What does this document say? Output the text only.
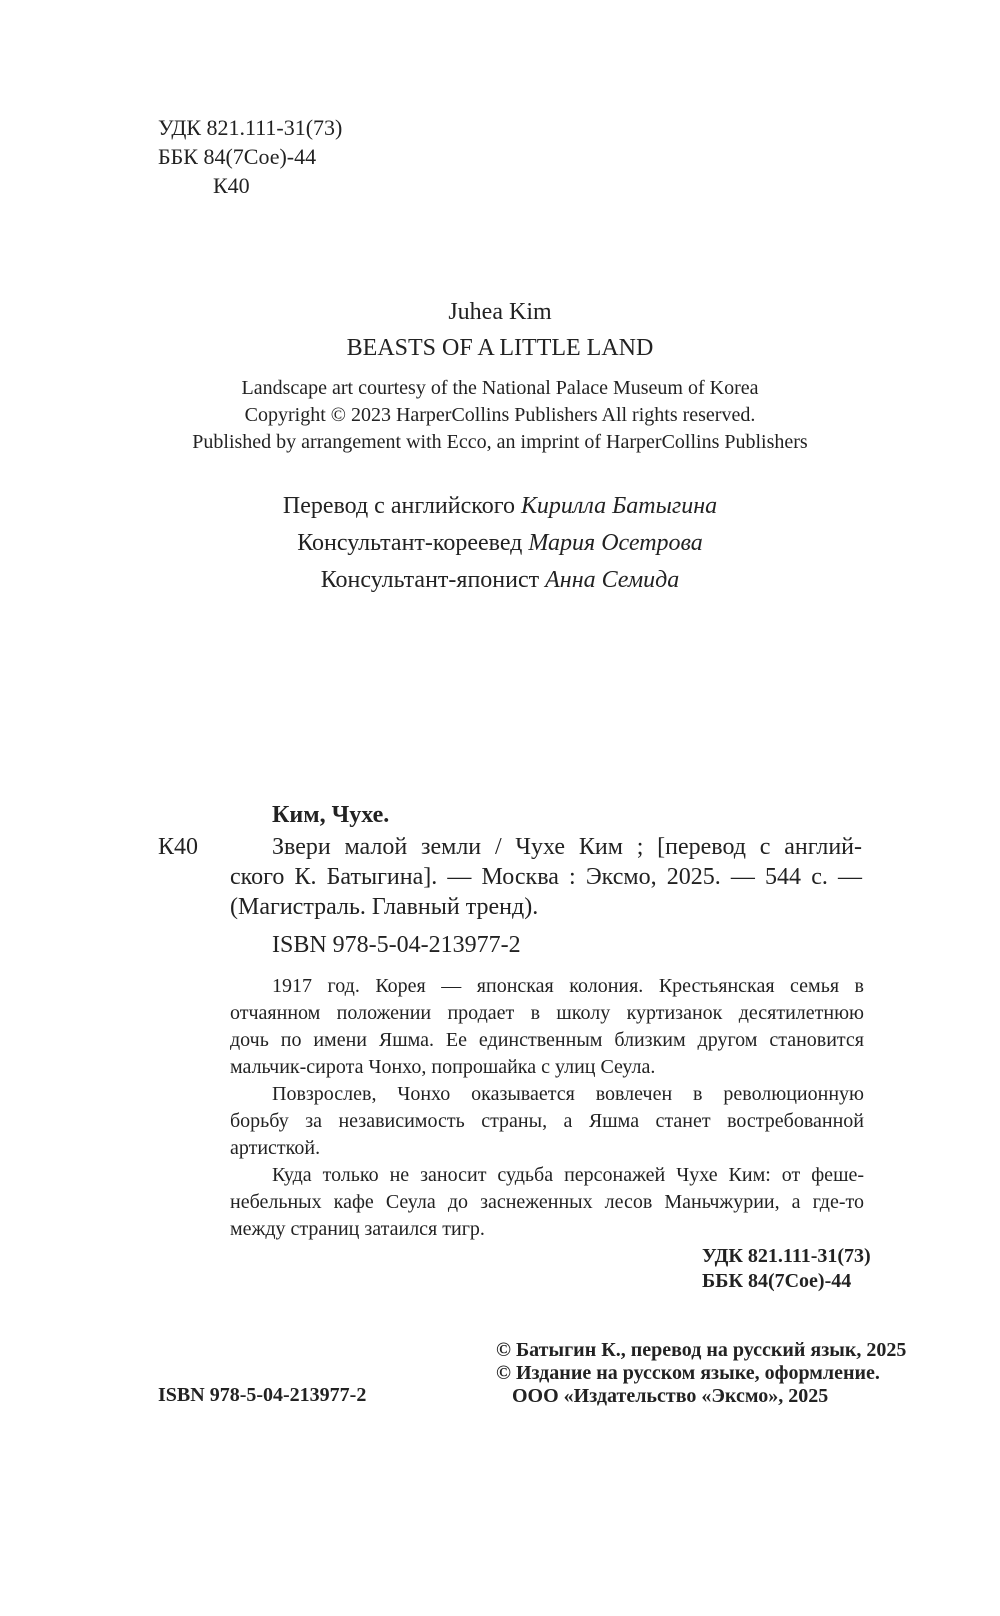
УДК 821.111-31(73)
ББК 84(7Сое)-44
К40
Juhea Kim
BEASTS OF A LITTLE LAND
Landscape art courtesy of the National Palace Museum of Korea
Copyright © 2023 HarperCollins Publishers All rights reserved.
Published by arrangement with Ecco, an imprint of HarperCollins Publishers
Перевод с английского Кирилла Батыгина
Консультант-кореевед Мария Осетрова
Консультант-японист Анна Семида
Ким, Чухе.
К40	Звери малой земли / Чухе Ким ; [перевод с англий-
ского К. Батыгина]. — Москва : Эксмо, 2025. — 544 с. —
(Магистраль. Главный тренд).
ISBN 978-5-04-213977-2
1917 год. Корея — японская колония. Крестьянская семья в
отчаянном положении продает в школу куртизанок десятилетнюю
дочь по имени Яшма. Ее единственным близким другом становится
мальчик-сирота Чонхо, попрошайка с улиц Сеула.
Повзрослев, Чонхо оказывается вовлечен в революционную
борьбу за независимость страны, а Яшма станет востребованной
артисткой.
Куда только не заносит судьба персонажей Чухе Ким: от феше-
небельных кафе Сеула до заснеженных лесов Маньчжурии, а где-то
между страниц затаился тигр.
УДК 821.111-31(73)
ББК 84(7Сое)-44
ISBN 978-5-04-213977-2
© Батыгин К., перевод на русский язык, 2025
© Издание на русском языке, оформление.
ООО «Издательство «Эксмо», 2025
